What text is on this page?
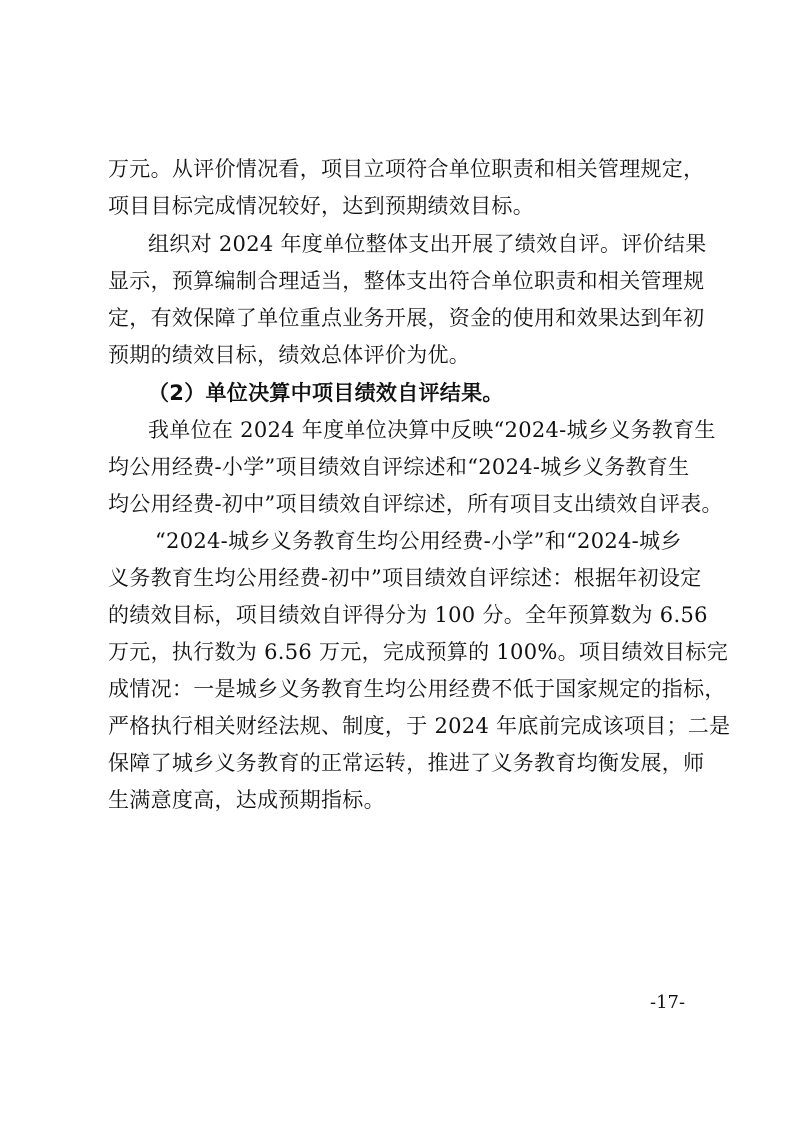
万元。从评价情况看，项目立项符合单位职责和相关管理规定，
项目目标完成情况较好，达到预期绩效目标。
组织对 2024 年度单位整体支出开展了绩效自评。评价结果
显示，预算编制合理适当，整体支出符合单位职责和相关管理规
定，有效保障了单位重点业务开展，资金的使用和效果达到年初
预期的绩效目标，绩效总体评价为优。
（2）单位决算中项目绩效自评结果。
我单位在 2024 年度单位决算中反映“2024-城乡义务教育生
均公用经费-小学”项目绩效自评综述和“2024-城乡义务教育生
均公用经费-初中”项目绩效自评综述，所有项目支出绩效自评表。
“2024-城乡义务教育生均公用经费-小学”和“2024-城乡
义务教育生均公用经费-初中”项目绩效自评综述：根据年初设定
的绩效目标，项目绩效自评得分为 100 分。全年预算数为 6.56
万元，执行数为 6.56 万元，完成预算的 100%。项目绩效目标完
成情况：一是城乡义务教育生均公用经费不低于国家规定的指标，
严格执行相关财经法规、制度，于 2024 年底前完成该项目；二是
保障了城乡义务教育的正常运转，推进了义务教育均衡发展，师
生满意度高，达成预期指标。
-17-
